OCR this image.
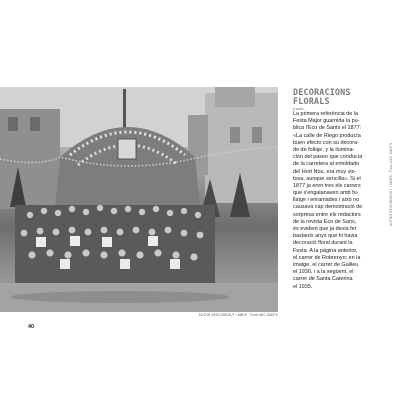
AUTOR DESCONEGUT / AMDS · Fons UEC-SANTS
DECORACIONS
FLORALS
A punto
La primera referència de la
Festa Major guarnida la pu-
blica l'Eco de Sants el 1877:
«La calle de Riego producía
buen efecto con su decora-
do de follaje, y la ilumina-
ción del paseo que conducía
de la carretera al entoldado
del Hort Nou, era muy vis-
tosa, aunque sencilla». Si el
1877 ja eren tres els carrers
que s'engalanaven amb fu-
llatge i enramades i això no
causava cap demostració de
sorpresa entre els redactors
de la revista Eco de Sans,
és evident que ja devia fer
bastants anys que hi havia
decoració floral durant la
Festa. A la pàgina anterior,
el carrer de Robrenyo; en la
imatge, el carrer de Galileu
el 1930, i a la següent, el
carrer de Santa Caterina
el 1935.
AUTOR DESCONEGUT / AMDS - Fons UEC-SANTS
40
